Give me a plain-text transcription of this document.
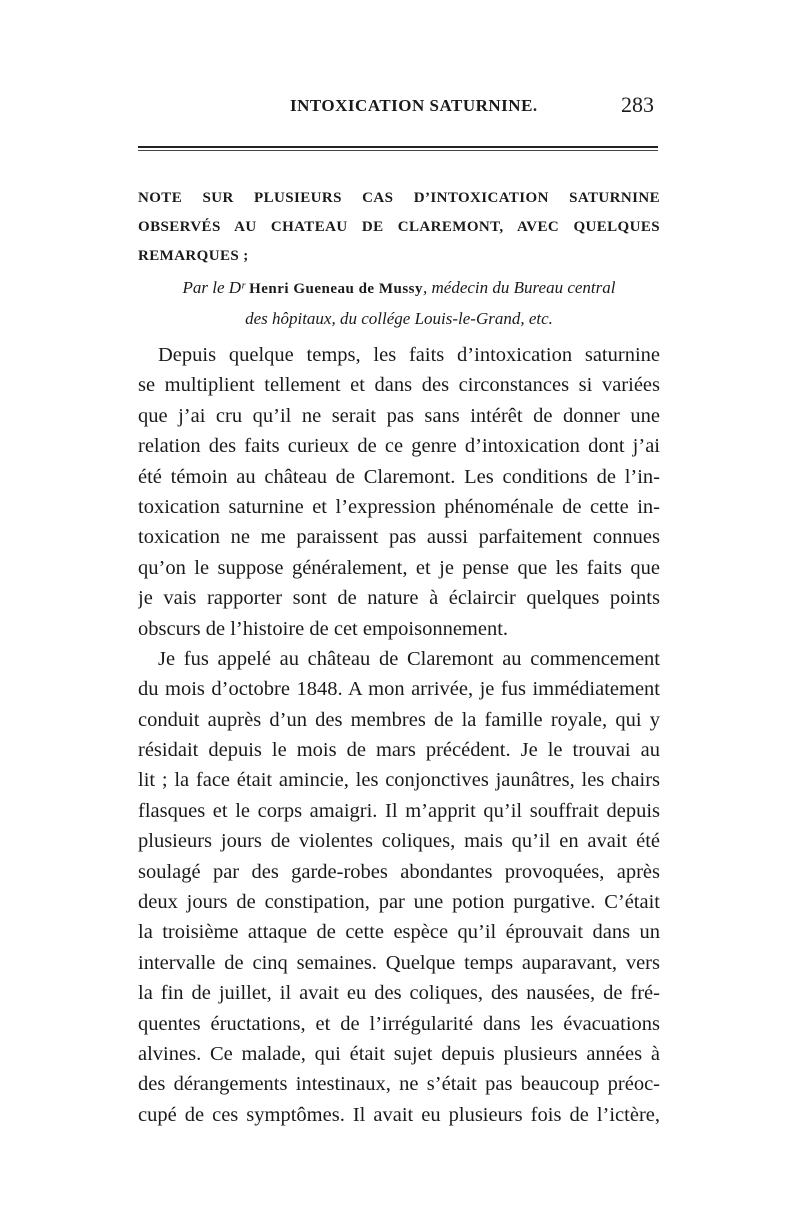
INTOXICATION SATURNINE.	283
NOTE SUR PLUSIEURS CAS D’INTOXICATION SATURNINE OBSERVÉS AU CHATEAU DE CLAREMONT, AVEC QUELQUES REMARQUES ;
Par le Dʳ Henri Gueneau de Mussy, médecin du Bureau central
des hôpitaux, du collége Louis-le-Grand, etc.
Depuis quelque temps, les faits d’intoxication saturnine
se multiplient tellement et dans des circonstances si variées
que j’ai cru qu’il ne serait pas sans intérêt de donner une
relation des faits curieux de ce genre d’intoxication dont j’ai
été témoin au château de Claremont. Les conditions de l’in-
toxication saturnine et l’expression phénoménale de cette in-
toxication ne me paraissent pas aussi parfaitement connues
qu’on le suppose généralement, et je pense que les faits que
je vais rapporter sont de nature à éclaircir quelques points
obscurs de l’histoire de cet empoisonnement.
Je fus appelé au château de Claremont au commencement
du mois d’octobre 1848. A mon arrivée, je fus immédiatement
conduit auprès d’un des membres de la famille royale, qui y
résidait depuis le mois de mars précédent. Je le trouvai au
lit ; la face était amincie, les conjonctives jaunâtres, les chairs
flasques et le corps amaigri. Il m’apprit qu’il souffrait depuis
plusieurs jours de violentes coliques, mais qu’il en avait été
soulagé par des garde-robes abondantes provoquées, après
deux jours de constipation, par une potion purgative. C’était
la troisième attaque de cette espèce qu’il éprouvait dans un
intervalle de cinq semaines. Quelque temps auparavant, vers
la fin de juillet, il avait eu des coliques, des nausées, de fré-
quentes éructations, et de l’irrégularité dans les évacuations
alvines. Ce malade, qui était sujet depuis plusieurs années à
des dérangements intestinaux, ne s’était pas beaucoup préoc-
cupé de ces symptômes. Il avait eu plusieurs fois de l’ictère,
